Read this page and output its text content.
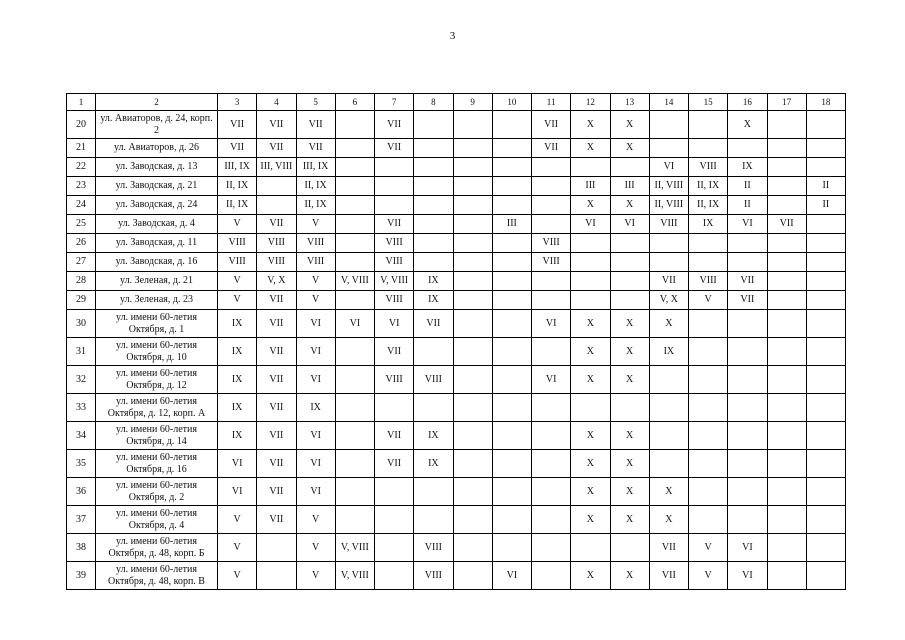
3
1	2	3	4	5	6	7	8	9	10	11	12	13	14	15	16	17	18
20	ул. Авиаторов, д. 24, корп. 2	VII	VII	VII		VII				VII	X	X			X		
21	ул. Авиаторов, д. 26	VII	VII	VII		VII				VII	X	X					
22	ул. Заводская, д. 13	III, IX	III, VIII	III, IX									VI	VIII	IX		
23	ул. Заводская, д. 21	II, IX		II, IX							III	III	II, VIII	II, IX	II		II
24	ул. Заводская, д. 24	II, IX		II, IX							X	X	II, VIII	II, IX	II		II
25	ул. Заводская, д. 4	V	VII	V		VII			III		VI	VI	VIII	IX	VI	VII	
26	ул. Заводская, д. 11	VIII	VIII	VIII		VIII				VIII							
27	ул. Заводская, д. 16	VIII	VIII	VIII		VIII				VIII							
28	ул. Зеленая, д. 21	V	V, X	V	V, VIII	V, VIII	IX						VII	VIII	VII		
29	ул. Зеленая, д. 23	V	VII	V		VIII	IX						V, X	V	VII		
30	ул. имени 60-летия Октября, д. 1	IX	VII	VI	VI	VI	VII			VI	X	X	X				
31	ул. имени 60-летия Октября, д. 10	IX	VII	VI		VII					X	X	IX				
32	ул. имени 60-летия Октября, д. 12	IX	VII	VI		VIII	VIII			VI	X	X					
33	ул. имени 60-летия Октября, д. 12, корп. А	IX	VII	IX													
34	ул. имени 60-летия Октября, д. 14	IX	VII	VI		VII	IX				X	X					
35	ул. имени 60-летия Октября, д. 16	VI	VII	VI		VII	IX				X	X					
36	ул. имени 60-летия Октября, д. 2	VI	VII	VI							X	X	X				
37	ул. имени 60-летия Октября, д. 4	V	VII	V							X	X	X				
38	ул. имени 60-летия Октября, д. 48, корп. Б	V		V	V, VIII		VIII						VII	V	VI		
39	ул. имени 60-летия Октября, д. 48, корп. В	V		V	V, VIII		VIII		VI		X	X	VII	V	VI		
